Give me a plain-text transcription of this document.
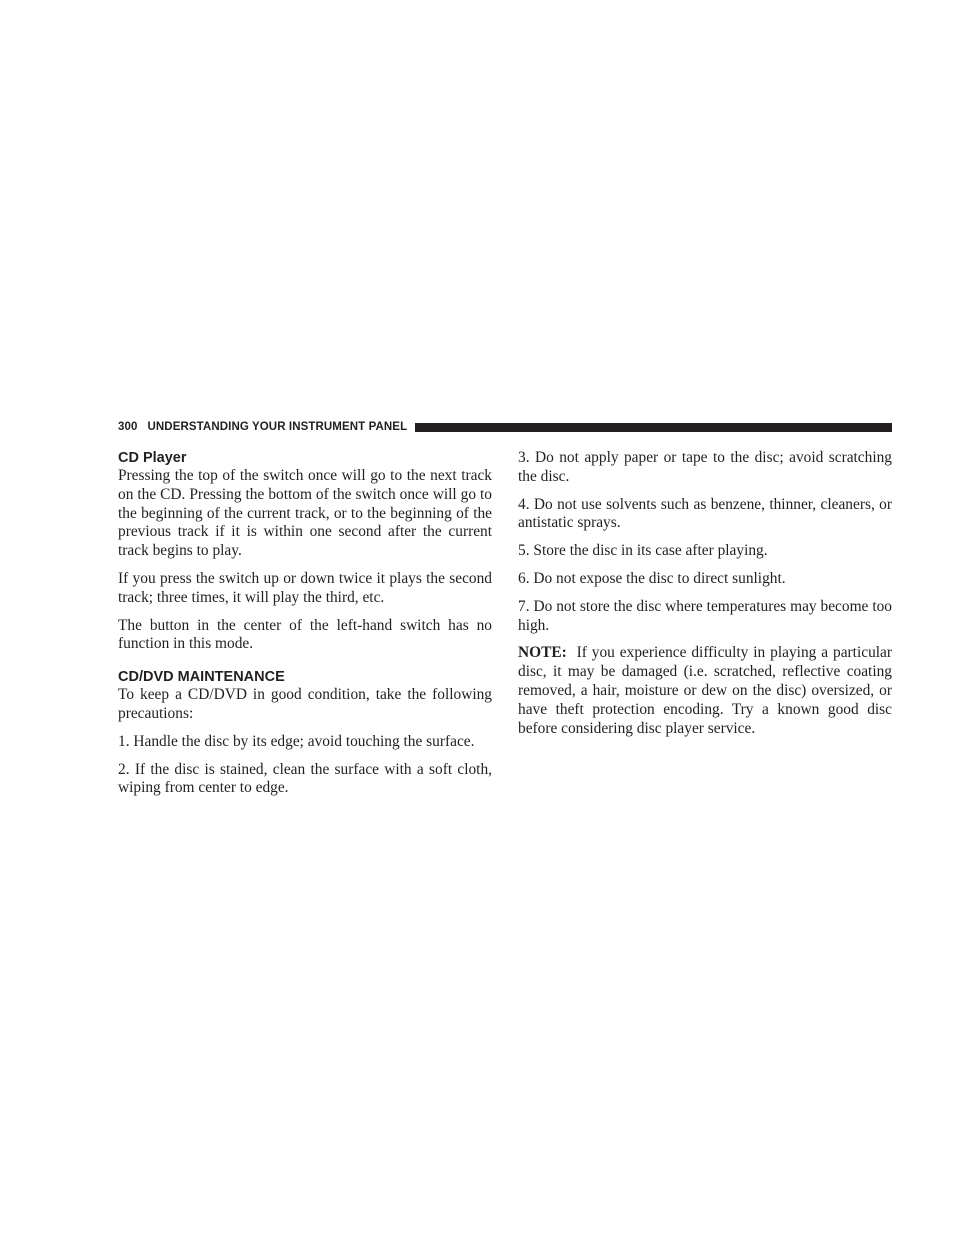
300 UNDERSTANDING YOUR INSTRUMENT PANEL
CD Player

Pressing the top of the switch once will go to the next track on the CD. Pressing the bottom of the switch once will go to the beginning of the current track, or to the beginning of the previous track if it is within one second after the current track begins to play.

If you press the switch up or down twice it plays the second track; three times, it will play the third, etc.

The button in the center of the left-hand switch has no function in this mode.

CD/DVD MAINTENANCE

To keep a CD/DVD in good condition, take the following precautions:

1. Handle the disc by its edge; avoid touching the surface.

2. If the disc is stained, clean the surface with a soft cloth, wiping from center to edge.

3. Do not apply paper or tape to the disc; avoid scratching the disc.

4. Do not use solvents such as benzene, thinner, cleaners, or antistatic sprays.

5. Store the disc in its case after playing.

6. Do not expose the disc to direct sunlight.

7. Do not store the disc where temperatures may become too high.

NOTE: If you experience difficulty in playing a particular disc, it may be damaged (i.e. scratched, reflective coating removed, a hair, moisture or dew on the disc) oversized, or have theft protection encoding. Try a known good disc before considering disc player service.
